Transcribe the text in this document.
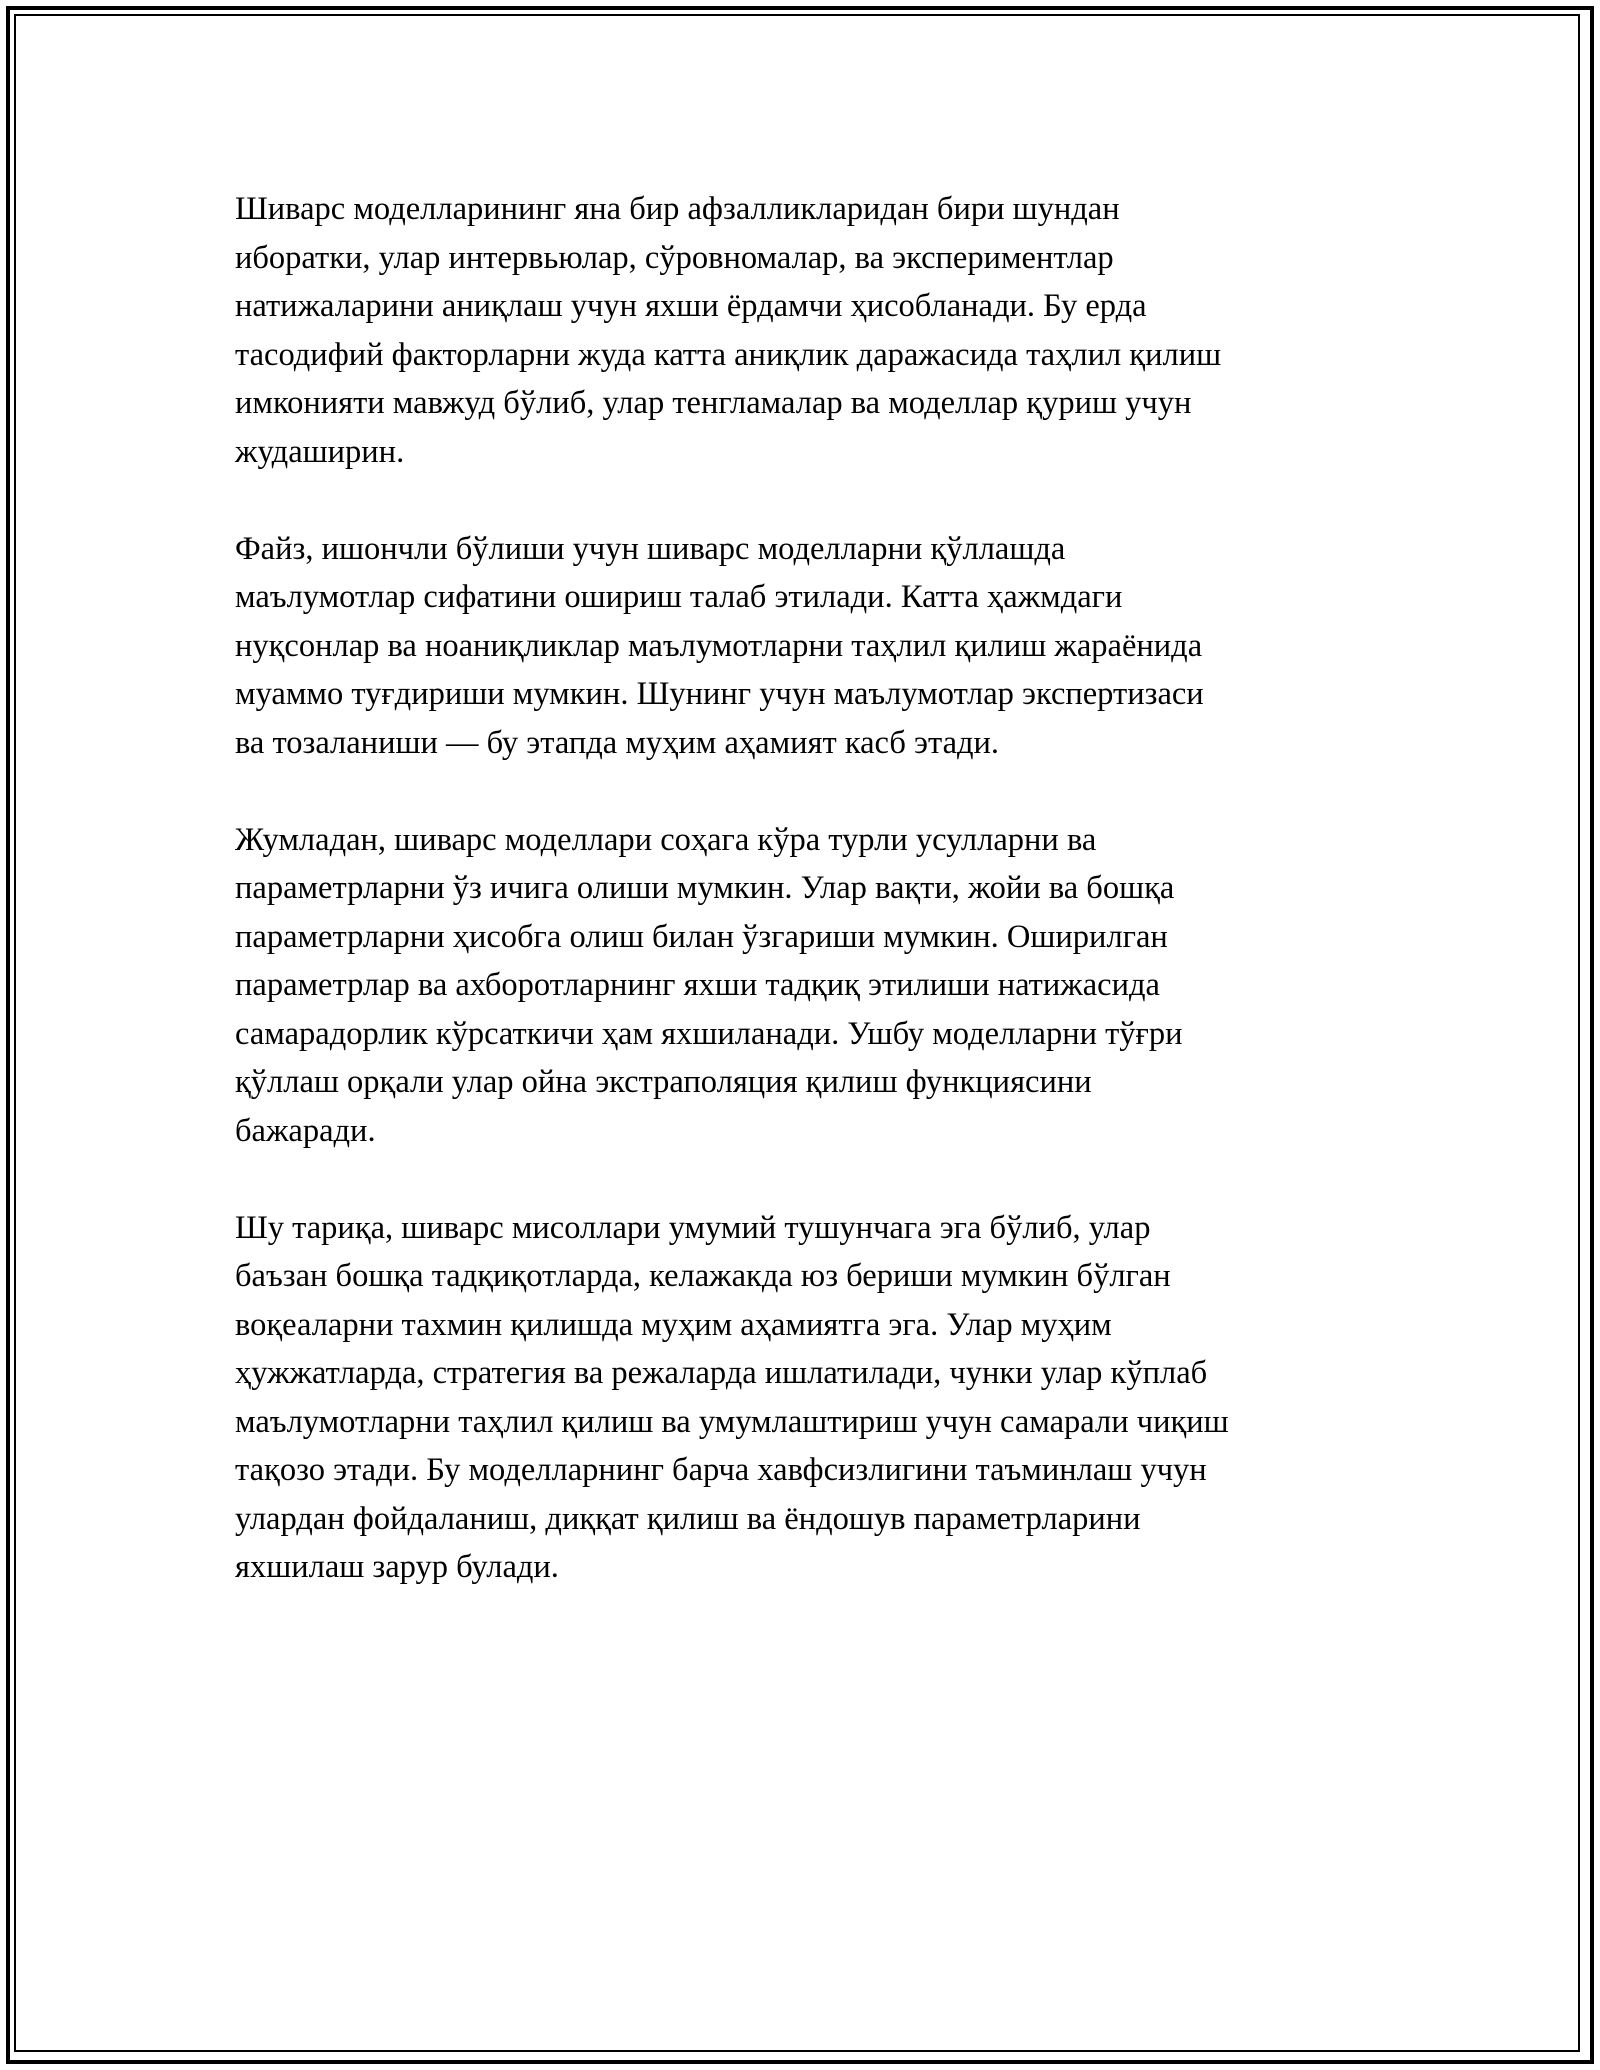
Шиварс моделларининг яна бир афзалликларидан бири шундан
иборатки, улар интервьюлар, сўровномалар, ва экспериментлар
натижаларини аниқлаш учун яхши ёрдамчи ҳисобланади. Бу ерда
тасодифий факторларни жуда катта аниқлик даражасида таҳлил қилиш
имконияти мавжуд бўлиб, улар тенгламалар ва моделлар қуриш учун
жудаширин.

Файз, ишончли бўлиши учун шиварс моделларни қўллашда
маълумотлар сифатини ошириш талаб этилади. Катта ҳажмдаги
нуқсонлар ва ноаниқликлар маълумотларни таҳлил қилиш жараёнида
муаммо туғдириши мумкин. Шунинг учун маълумотлар экспертизаси
ва тозаланиши — бу этапда муҳим аҳамият касб этади.

Жумладан, шиварс моделлари соҳага кўра турли усулларни ва
параметрларни ўз ичига олиши мумкин. Улар вақти, жойи ва бошқа
параметрларни ҳисобга олиш билан ўзгариши мумкин. Оширилган
параметрлар ва ахборотларнинг яхши тадқиқ этилиши натижасида
самарадорлик кўрсаткичи ҳам яхшиланади. Ушбу моделларни тўғри
қўллаш орқали улар ойна экстраполяция қилиш функциясини
бажаради.

Шу тариқа, шиварс мисоллари умумий тушунчага эга бўлиб, улар
баъзан бошқа тадқиқотларда, келажакда юз бериши мумкин бўлган
воқеаларни тахмин қилишда муҳим аҳамиятга эга. Улар муҳим
ҳужжатларда, стратегия ва режаларда ишлатилади, чунки улар кўплаб
маълумотларни таҳлил қилиш ва умумлаштириш учун самарали чиқиш
тақозо этади. Бу моделларнинг барча хавфсизлигини таъминлаш учун
улардан фойдаланиш, диққат қилиш ва ёндошув параметрларини
яхшилаш зарур булади.
